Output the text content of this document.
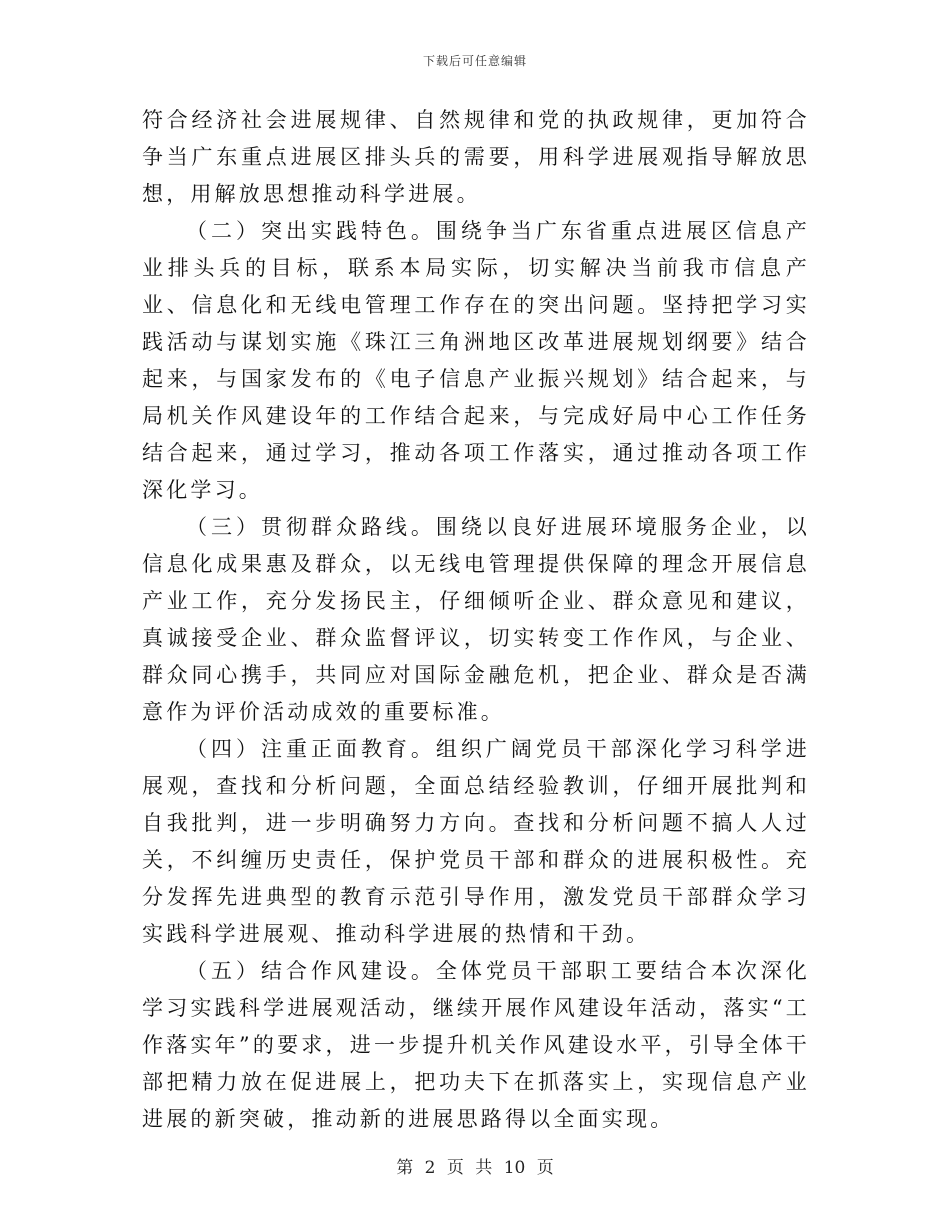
下载后可任意编辑

符合经济社会进展规律、自然规律和党的执政规律，更加符合争当广东重点进展区排头兵的需要，用科学进展观指导解放思想，用解放思想推动科学进展。

（二）突出实践特色。围绕争当广东省重点进展区信息产业排头兵的目标，联系本局实际，切实解决当前我市信息产业、信息化和无线电管理工作存在的突出问题。坚持把学习实践活动与谋划实施《珠江三角洲地区改革进展规划纲要》结合起来，与国家发布的《电子信息产业振兴规划》结合起来，与局机关作风建设年的工作结合起来，与完成好局中心工作任务结合起来，通过学习，推动各项工作落实，通过推动各项工作深化学习。

（三）贯彻群众路线。围绕以良好进展环境服务企业，以信息化成果惠及群众，以无线电管理提供保障的理念开展信息产业工作，充分发扬民主，仔细倾听企业、群众意见和建议，真诚接受企业、群众监督评议，切实转变工作作风，与企业、群众同心携手，共同应对国际金融危机，把企业、群众是否满意作为评价活动成效的重要标准。

（四）注重正面教育。组织广阔党员干部深化学习科学进展观，查找和分析问题，全面总结经验教训，仔细开展批判和自我批判，进一步明确努力方向。查找和分析问题不搞人人过关，不纠缠历史责任，保护党员干部和群众的进展积极性。充分发挥先进典型的教育示范引导作用，激发党员干部群众学习实践科学进展观、推动科学进展的热情和干劲。

（五）结合作风建设。全体党员干部职工要结合本次深化学习实践科学进展观活动，继续开展作风建设年活动，落实“工作落实年”的要求，进一步提升机关作风建设水平，引导全体干部把精力放在促进展上，把功夫下在抓落实上，实现信息产业进展的新突破，推动新的进展思路得以全面实现。

第 2 页 共 10 页
